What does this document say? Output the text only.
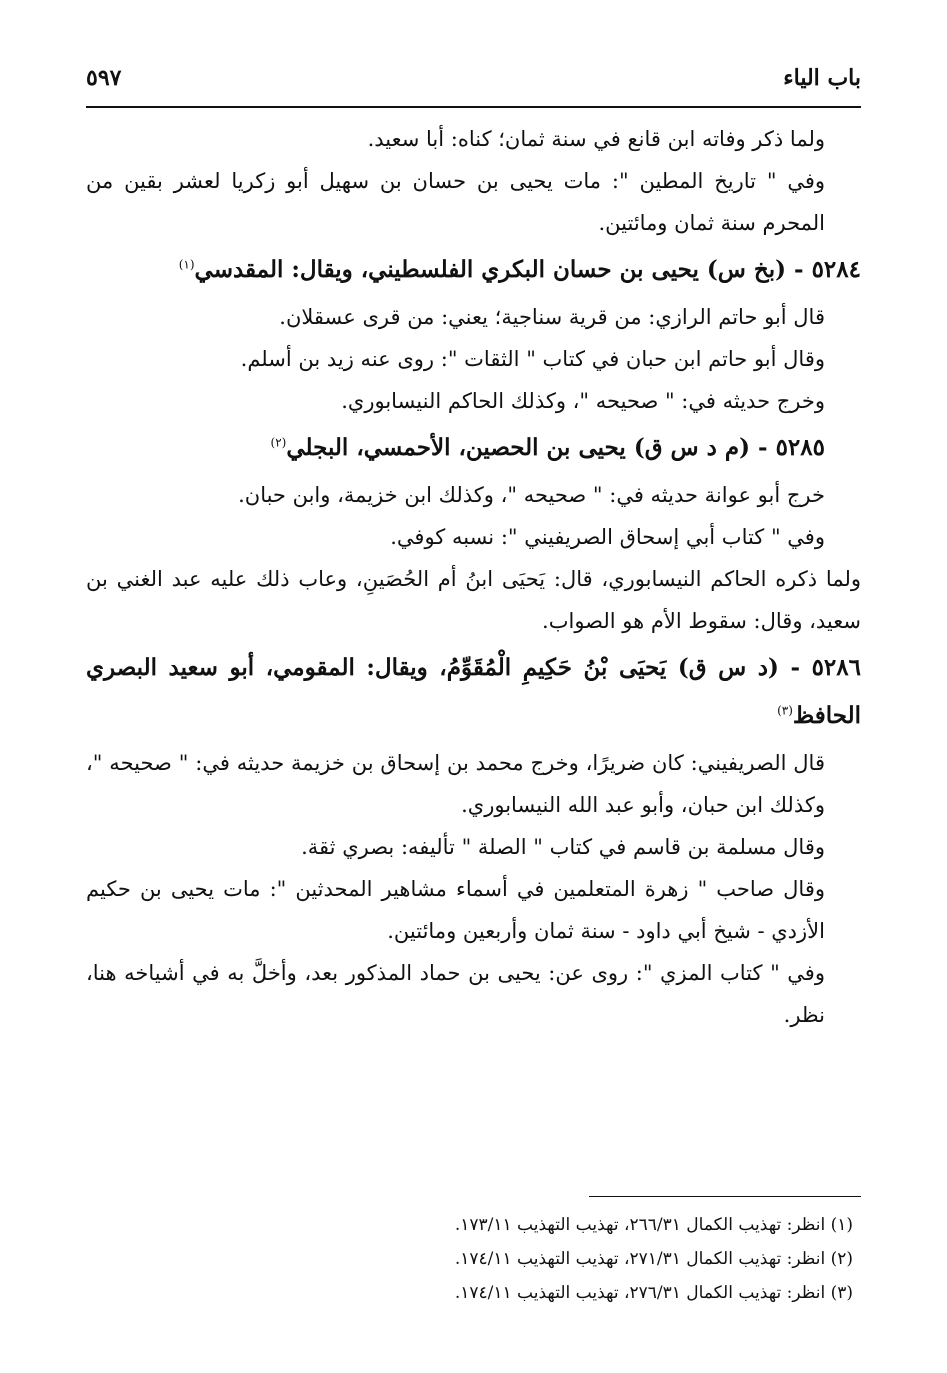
باب الياء
٥٩٧

ولما ذكر وفاته ابن قانع في سنة ثمان؛ كناه: أبا سعيد.

وفي " تاريخ المطين ": مات يحيى بن حسان بن سهيل أبو زكريا لعشر بقين من المحرم سنة ثمان ومائتين.

٥٢٨٤ - (بخ س) يحيى بن حسان البكري الفلسطيني، ويقال: المقدسي$^{(١)}$

قال أبو حاتم الرازي: من قرية سناجية؛ يعني: من قرى عسقلان.

وقال أبو حاتم ابن حبان في كتاب " الثقات ": روى عنه زيد بن أسلم.

وخرج حديثه في: " صحيحه "، وكذلك الحاكم النيسابوري.

٥٢٨٥ - (م د س ق) يحيى بن الحصين، الأحمسي، البجلي$^{(٢)}$

خرج أبو عوانة حديثه في: " صحيحه "، وكذلك ابن خزيمة، وابن حبان.

وفي " كتاب أبي إسحاق الصريفيني ": نسبه كوفي.

ولما ذكره الحاكم النيسابوري، قال: يَحيَى ابنُ أم الحُصَينِ، وعاب ذلك عليه عبد الغني بن سعيد، وقال: سقوط الأم هو الصواب.

٥٢٨٦ - (د س ق) يَحيَى بْنُ حَكِيمِ الْمُقَوِّمُ، ويقال: المقومي، أبو سعيد البصري الحافظ$^{(٣)}$

قال الصريفيني: كان ضريرًا، وخرج محمد بن إسحاق بن خزيمة حديثه في: " صحيحه "، وكذلك ابن حبان، وأبو عبد الله النيسابوري.

وقال مسلمة بن قاسم في كتاب " الصلة " تأليفه: بصري ثقة.

وقال صاحب " زهرة المتعلمين في أسماء مشاهير المحدثين ": مات يحيى بن حكيم الأزدي - شيخ أبي داود - سنة ثمان وأربعين ومائتين.

وفي " كتاب المزي ": روى عن: يحيى بن حماد المذكور بعد، وأخلَّ به في أشياخه هنا، نظر.

(١) انظر: تهذيب الكمال ٢٦٦/٣١، تهذيب التهذيب ١٧٣/١١.

(٢) انظر: تهذيب الكمال ٢٧١/٣١، تهذيب التهذيب ١٧٤/١١.

(٣) انظر: تهذيب الكمال ٢٧٦/٣١، تهذيب التهذيب ١٧٤/١١.
